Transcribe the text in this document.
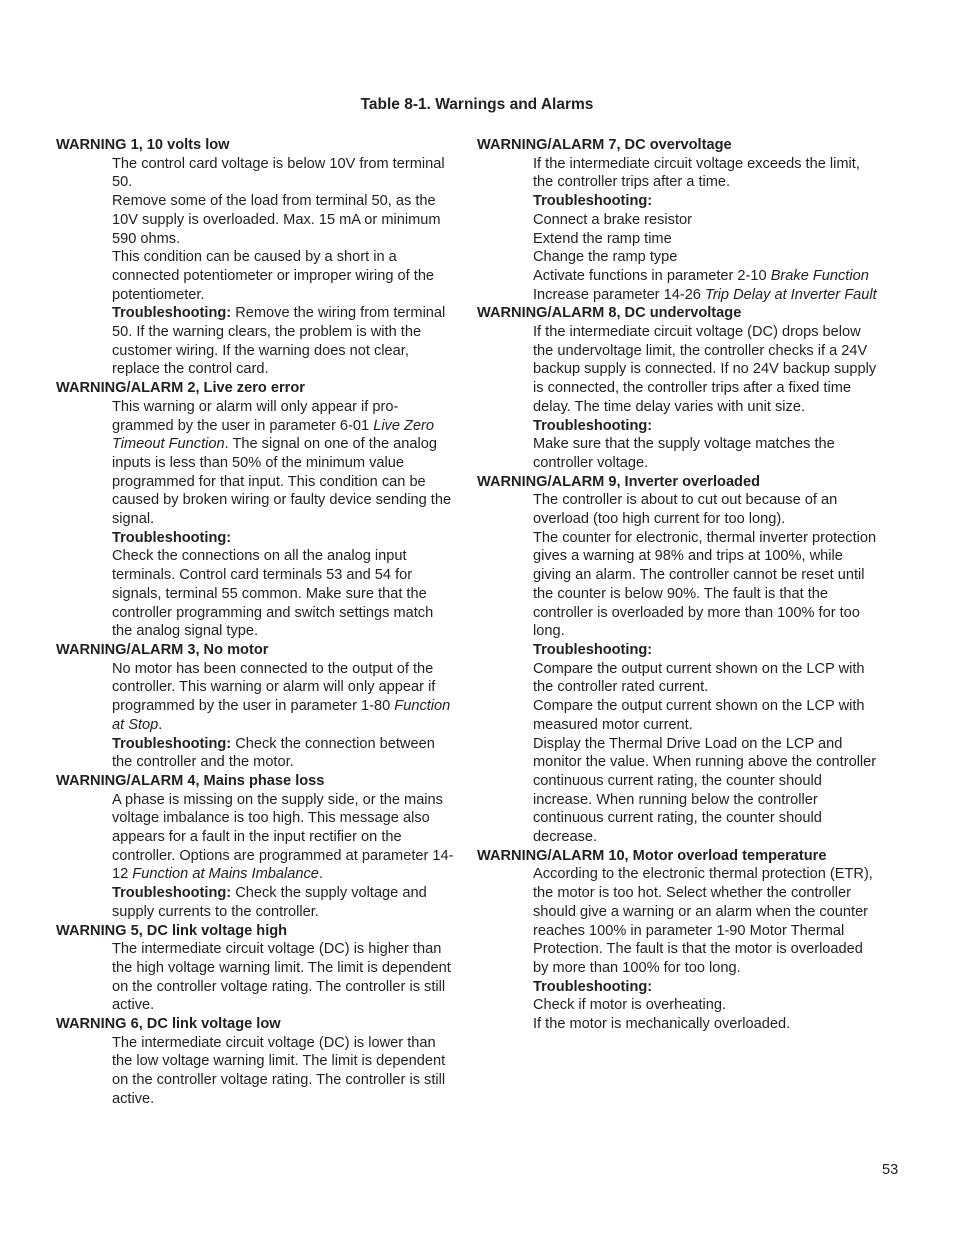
Table 8-1. Warnings and Alarms
WARNING 1, 10 volts low

The control card voltage is below 10V from terminal 50.

Remove some of the load from terminal 50, as the 10V supply is overloaded. Max. 15 mA or minimum 590 ohms.

This condition can be caused by a short in a connected potentiometer or improper wiring of the potentiometer.

Troubleshooting: Remove the wiring from terminal 50. If the warning clears, the problem is with the customer wiring. If the warning does not clear, replace the control card.

WARNING/ALARM 2, Live zero error

This warning or alarm will only appear if programmed by the user in parameter 6-01 Live Zero Timeout Function. The signal on one of the analog inputs is less than 50% of the minimum value programmed for that input. This condition can be caused by broken wiring or faulty device sending the signal.

Troubleshooting:

Check the connections on all the analog input terminals. Control card terminals 53 and 54 for signals, terminal 55 common. Make sure that the controller programming and switch settings match the analog signal type.

WARNING/ALARM 3, No motor

No motor has been connected to the output of the controller. This warning or alarm will only appear if programmed by the user in parameter 1-80 Function at Stop.

Troubleshooting: Check the connection between the controller and the motor.

WARNING/ALARM 4, Mains phase loss

A phase is missing on the supply side, or the mains voltage imbalance is too high. This message also appears for a fault in the input rectifier on the controller. Options are programmed at parameter 14-12 Function at Mains Imbalance.

Troubleshooting: Check the supply voltage and supply currents to the controller.

WARNING 5, DC link voltage high

The intermediate circuit voltage (DC) is higher than the high voltage warning limit. The limit is dependent on the controller voltage rating. The controller is still active.

WARNING 6, DC link voltage low

The intermediate circuit voltage (DC) is lower than the low voltage warning limit. The limit is dependent on the controller voltage rating. The controller is still active.

WARNING/ALARM 7, DC overvoltage

If the intermediate circuit voltage exceeds the limit, the controller trips after a time.

Troubleshooting:

Connect a brake resistor

Extend the ramp time

Change the ramp type

Activate functions in parameter 2-10 Brake Function

Increase parameter 14-26 Trip Delay at Inverter Fault

WARNING/ALARM 8, DC undervoltage

If the intermediate circuit voltage (DC) drops below the undervoltage limit, the controller checks if a 24V backup supply is connected. If no 24V backup supply is connected, the controller trips after a fixed time delay. The time delay varies with unit size.

Troubleshooting:

Make sure that the supply voltage matches the controller voltage.

WARNING/ALARM 9, Inverter overloaded

The controller is about to cut out because of an overload (too high current for too long).

The counter for electronic, thermal inverter protection gives a warning at 98% and trips at 100%, while giving an alarm. The controller cannot be reset until the counter is below 90%. The fault is that the controller is overloaded by more than 100% for too long.

Troubleshooting:

Compare the output current shown on the LCP with the controller rated current.

Compare the output current shown on the LCP with measured motor current.

Display the Thermal Drive Load on the LCP and monitor the value. When running above the controller continuous current rating, the counter should increase. When running below the controller continuous current rating, the counter should decrease.

WARNING/ALARM 10, Motor overload temperature

According to the electronic thermal protection (ETR), the motor is too hot. Select whether the controller should give a warning or an alarm when the counter reaches 100% in parameter 1-90 Motor Thermal Protection. The fault is that the motor is overloaded by more than 100% for too long.

Troubleshooting:

Check if motor is overheating.

If the motor is mechanically overloaded.

53
